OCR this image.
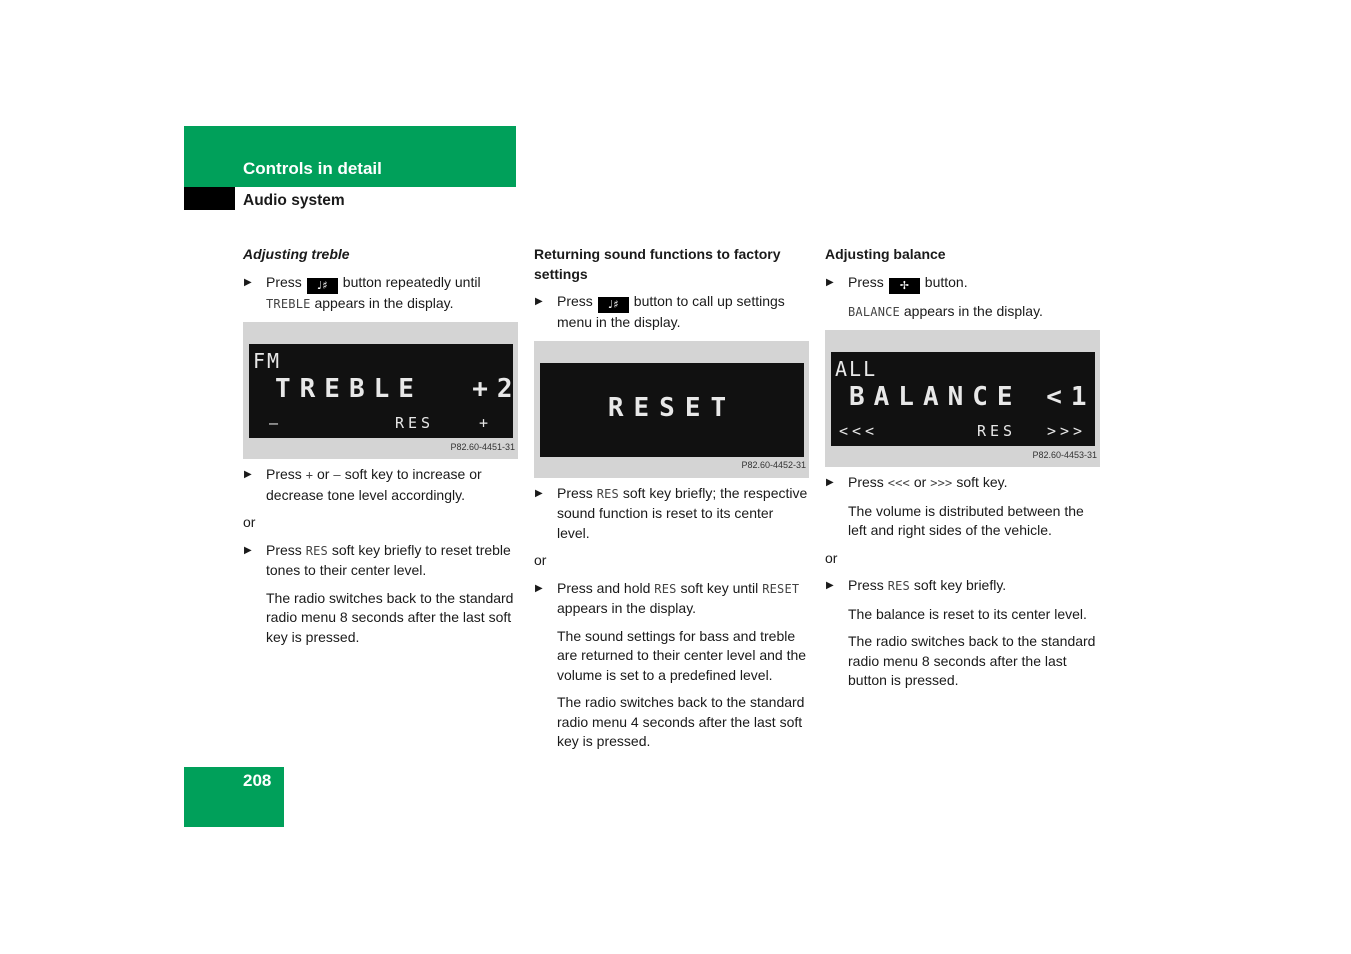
Controls in detail
Audio system
Adjusting treble
▶ Press ♩♯ button repeatedly until TREBLE appears in the display.
FM
TREBLE  +2
–	RES	+
P82.60-4451-31
▶ Press + or – soft key to increase or decrease tone level accordingly.
or
▶ Press RES soft key briefly to reset treble tones to their center level.
The radio switches back to the standard radio menu 8 seconds after the last soft key is pressed.
Returning sound functions to factory settings
▶ Press ♩♯ button to call up settings menu in the display.
RESET
P82.60-4452-31
▶ Press RES soft key briefly; the respective sound function is reset to its center level.
or
▶ Press and hold RES soft key until RESET appears in the display.
The sound settings for bass and treble are returned to their center level and the volume is set to a predefined level.
The radio switches back to the standard radio menu 4 seconds after the last soft key is pressed.
Adjusting balance
▶ Press ✢ button.
BALANCE appears in the display.
ALL
BALANCE <1
<<<	RES >>>
P82.60-4453-31
▶ Press <<< or >>> soft key.
The volume is distributed between the left and right sides of the vehicle.
or
▶ Press RES soft key briefly.
The balance is reset to its center level.
The radio switches back to the standard radio menu 8 seconds after the last button is pressed.
208
